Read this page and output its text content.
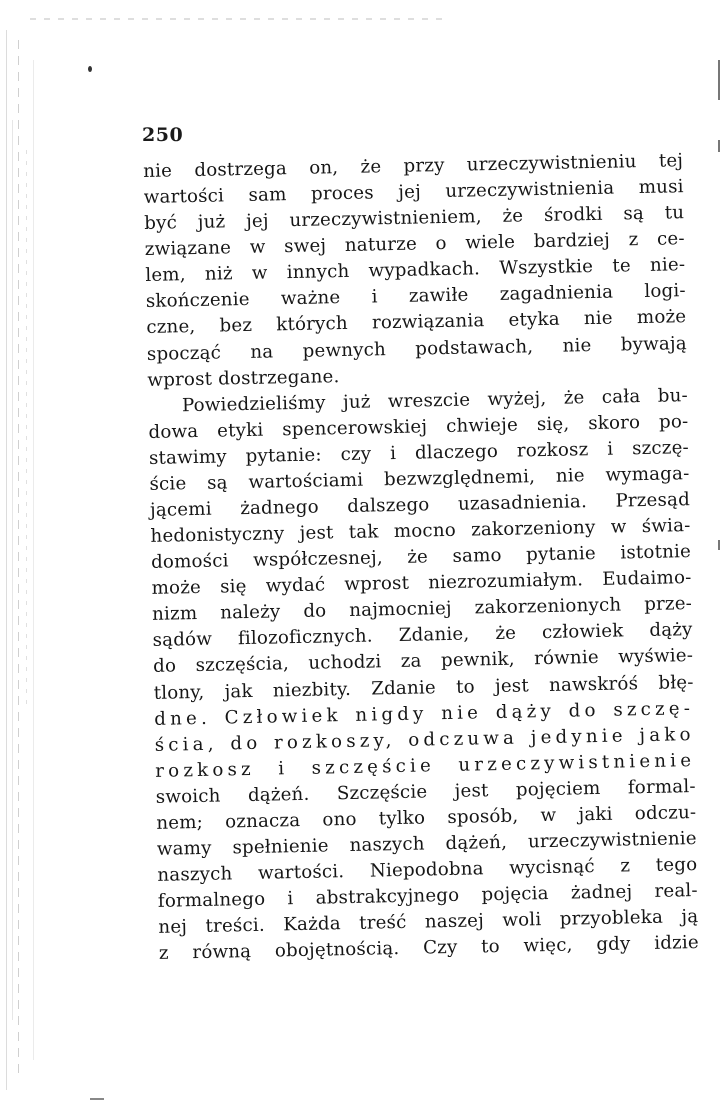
250
nie dostrzega on, że przy urzeczywistnieniu tej
wartości sam proces jej urzeczywistnienia musi
być już jej urzeczywistnieniem, że środki są tu
związane w swej naturze o wiele bardziej z ce-
lem, niż w innych wypadkach. Wszystkie te nie-
skończenie ważne i zawiłe zagadnienia logi-
czne, bez których rozwiązania etyka nie może
spocząć na pewnych podstawach, nie bywają
wprost dostrzegane.
Powiedzieliśmy już wreszcie wyżej, że cała bu-
dowa etyki spencerowskiej chwieje się, skoro po-
stawimy pytanie: czy i dlaczego rozkosz i szczę-
ście są wartościami bezwzględnemi, nie wymaga-
jącemi żadnego dalszego uzasadnienia. Przesąd
hedonistyczny jest tak mocno zakorzeniony w świa-
domości współczesnej, że samo pytanie istotnie
może się wydać wprost niezrozumiałym. Eudaimo-
nizm należy do najmocniej zakorzenionych prze-
sądów filozoficznych. Zdanie, że człowiek dąży
do szczęścia, uchodzi za pewnik, równie wyświe-
tlony, jak niezbity. Zdanie to jest nawskróś błę-
dne. Człowiek nigdy nie dąży do szczę-
ścia, do rozkoszy, odczuwa jedynie jako
rozkosz i szczęście urzeczywistnienie
swoich dążeń. Szczęście jest pojęciem formal-
nem; oznacza ono tylko sposób, w jaki odczu-
wamy spełnienie naszych dążeń, urzeczywistnienie
naszych wartości. Niepodobna wycisnąć z tego
formalnego i abstrakcyjnego pojęcia żadnej real-
nej treści. Każda treść naszej woli przyobleka ją
z równą obojętnością. Czy to więc, gdy idzie
